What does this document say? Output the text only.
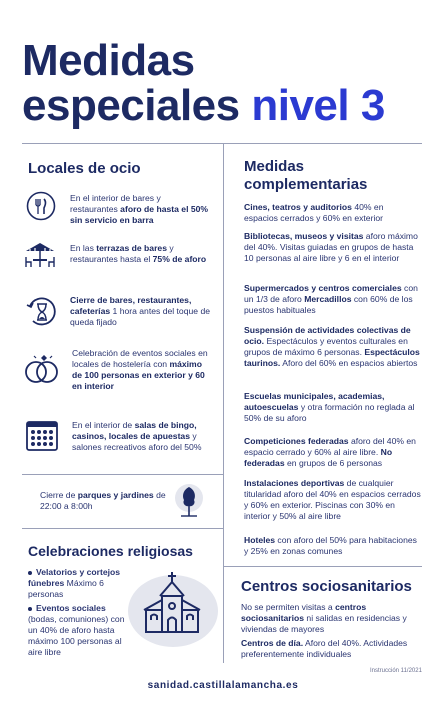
Medidas
especiales nivel 3
Locales de ocio
En el interior de bares y restaurantes aforo de hasta el 50% sin servicio en barra
En las terrazas de bares y restaurantes hasta el 75% de aforo
Cierre de bares, restaurantes, cafeterías 1 hora antes del toque de queda fijado
Celebración de eventos sociales en locales de hostelería con máximo de 100 personas en exterior y 60 en interior
En el interior de salas de bingo, casinos, locales de apuestas y salones recreativos aforo del 50%
Cierre de parques y jardines de 22:00 a 8:00h
Celebraciones religiosas
Velatorios y cortejos fúnebres Máximo 6 personas
Eventos sociales (bodas, comuniones) con un 40% de aforo hasta máximo 100 personas al aire libre
Medidas
complementarias
Cines, teatros y auditorios 40% en espacios cerrados y 60% en exterior
Bibliotecas, museos y visitas aforo máximo del 40%. Visitas guiadas en grupos de hasta 10 personas al aire libre y 6 en el interior
Supermercados y centros comerciales con un 1/3 de aforo Mercadillos con 60% de los puestos habituales
Suspensión de actividades colectivas de ocio. Espectáculos y eventos culturales en grupos de máximo 6 personas. Espectáculos taurinos. Aforo del 60% en espacios abiertos
Escuelas municipales, academias, autoescuelas y otra formación no reglada al 50% de su aforo
Competiciones federadas aforo del 40% en espacio cerrado y 60% al aire libre. No federadas en grupos de 6 personas
Instalaciones deportivas de cualquier titularidad aforo del 40% en espacios cerrados y 60% en exterior. Piscinas con 30% en interior y 50% al aire libre
Hoteles con aforo del 50% para habitaciones y 25% en zonas comunes
Centros sociosanitarios
No se permiten visitas a centros sociosanitarios ni salidas en residencias y viviendas de mayores
Centros de día. Aforo del 40%. Actividades preferentemente individuales
Instrucción 11/2021
sanidad.castillalamancha.es
